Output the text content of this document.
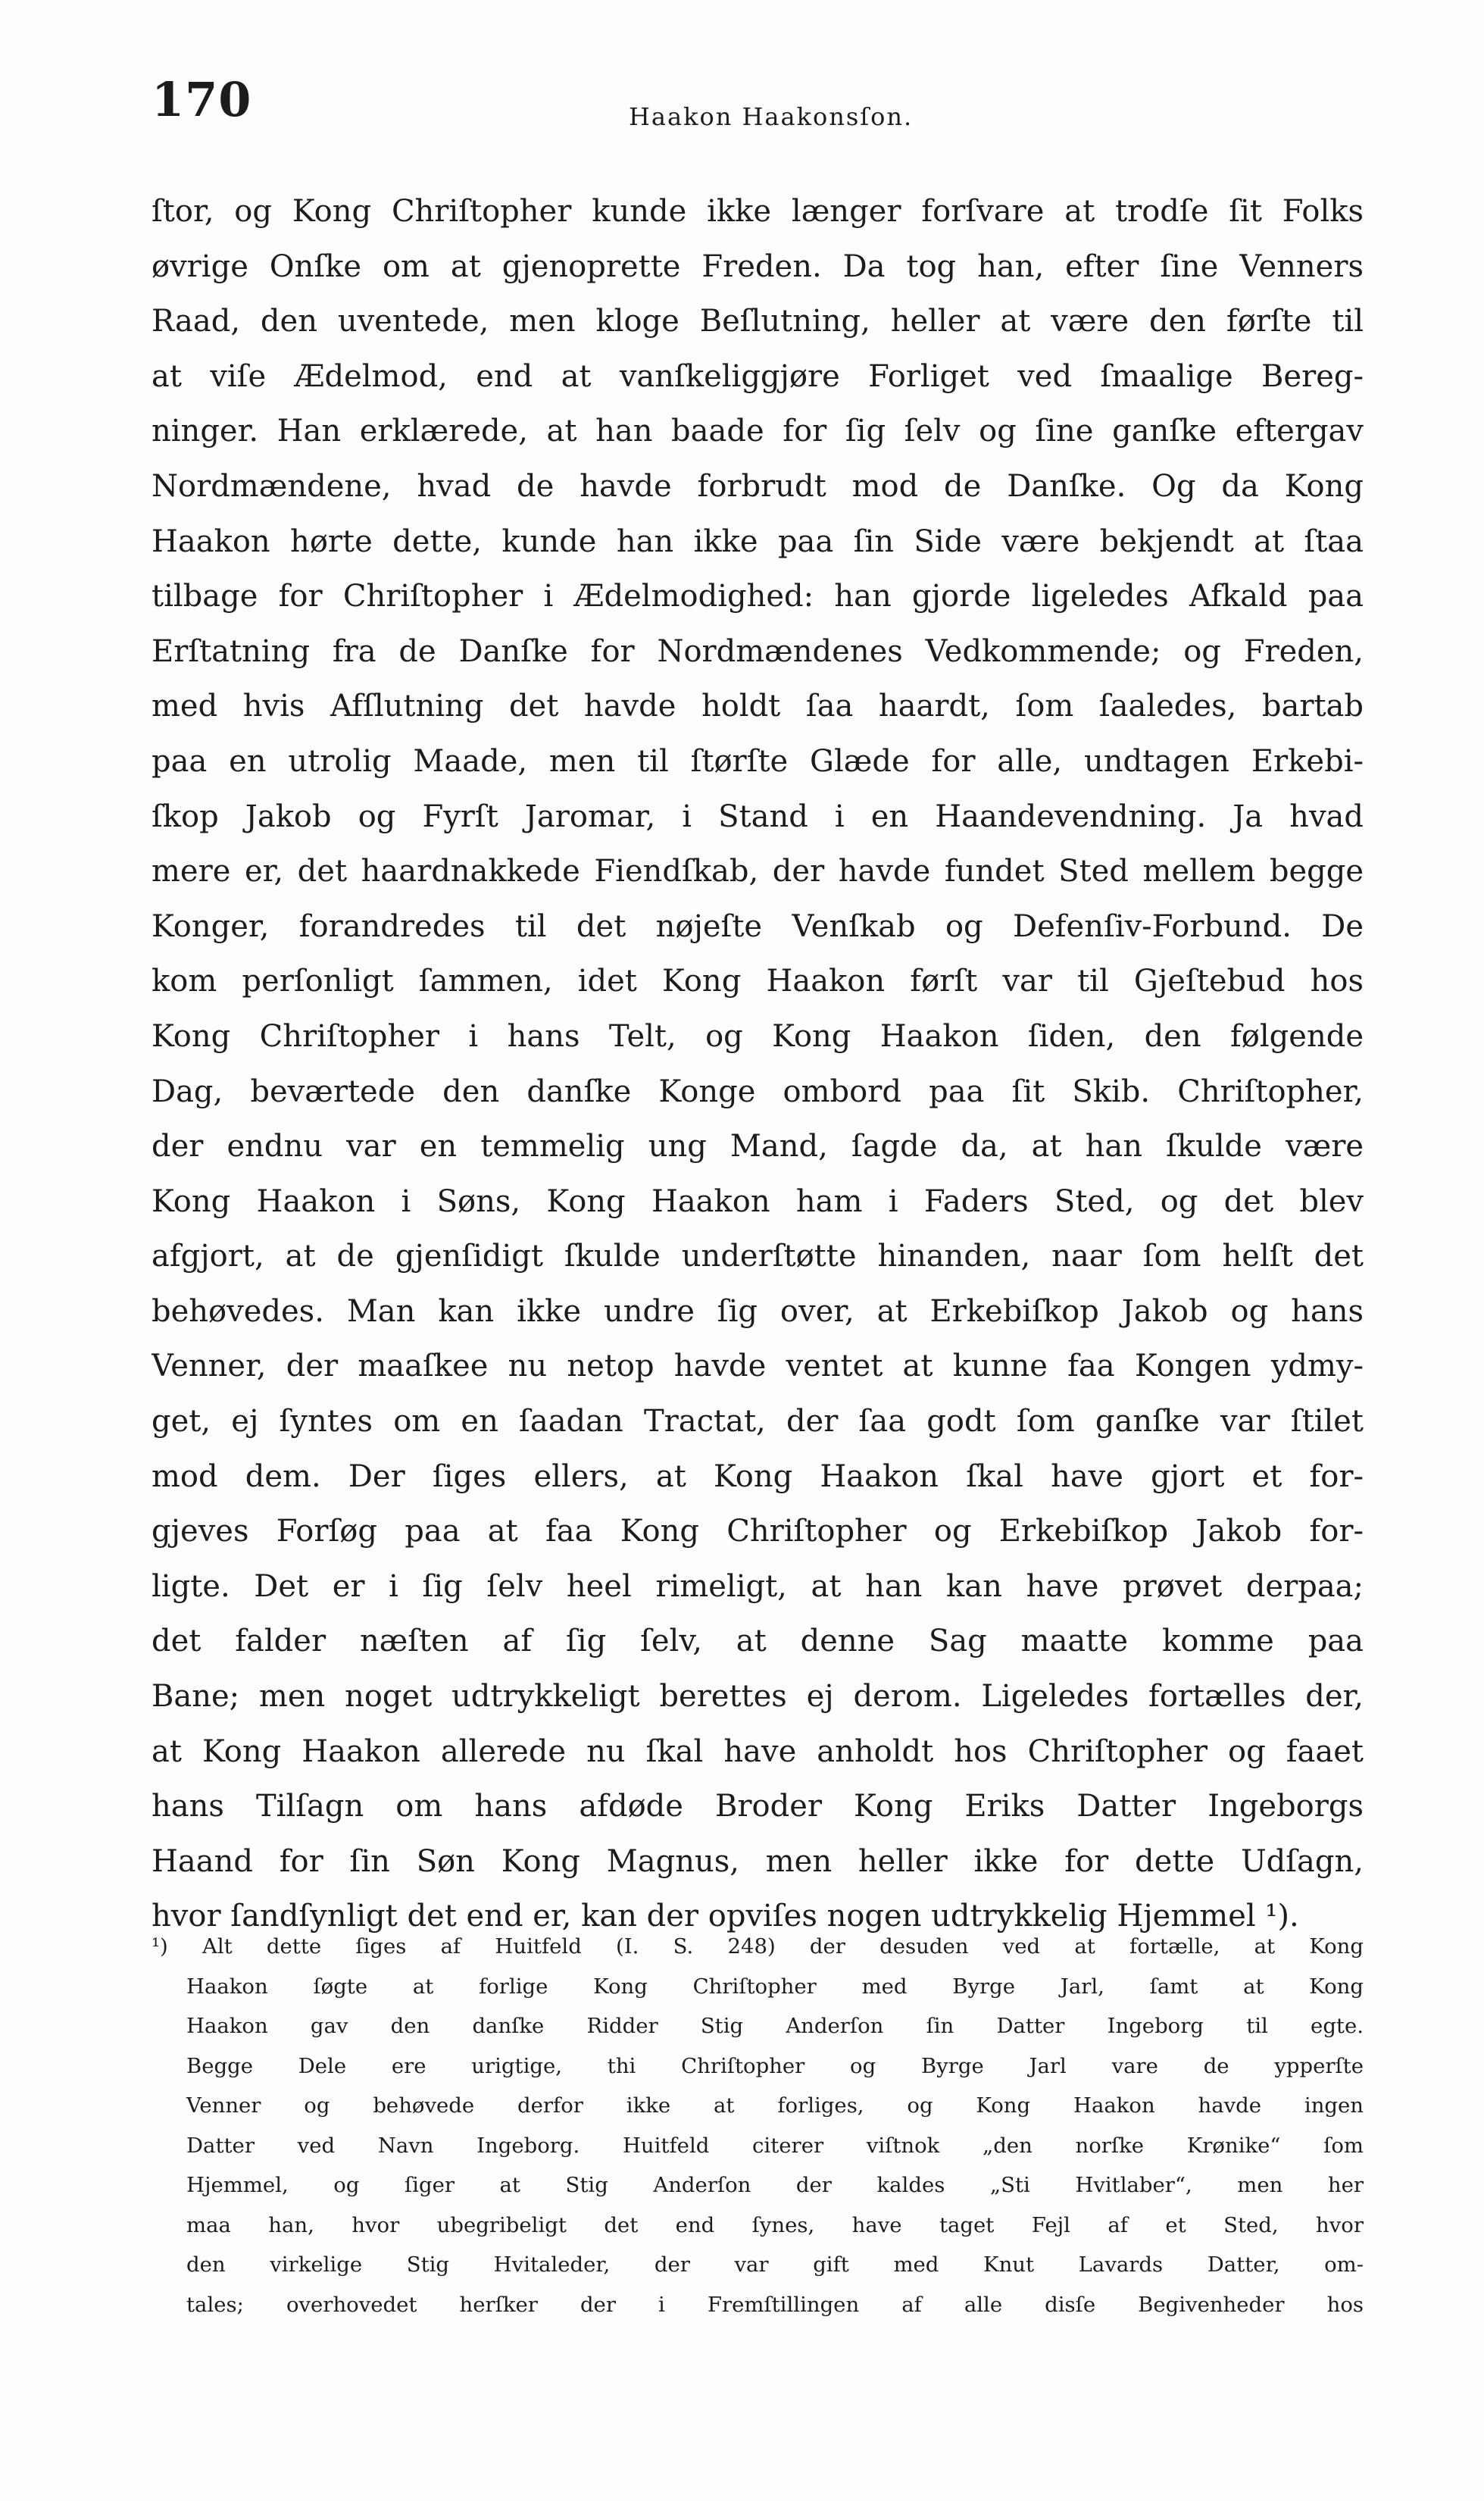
170	Haakon Haakonsſon.
ſtor, og Kong Chriſtopher kunde ikke længer forſvare at trodſe ſit Folks
øvrige Onſke om at gjenoprette Freden. Da tog han, efter ſine Venners
Raad, den uventede, men kloge Beſlutning, heller at være den førſte til
at viſe Ædelmod, end at vanſkeliggjøre Forliget ved ſmaalige Bereg-
ninger. Han erklærede, at han baade for ſig ſelv og ſine ganſke eftergav
Nordmændene, hvad de havde forbrudt mod de Danſke. Og da Kong
Haakon hørte dette, kunde han ikke paa ſin Side være bekjendt at ſtaa
tilbage for Chriſtopher i Ædelmodighed: han gjorde ligeledes Afkald paa
Erſtatning fra de Danſke for Nordmændenes Vedkommende; og Freden,
med hvis Afſlutning det havde holdt ſaa haardt, ſom ſaaledes, bartab
paa en utrolig Maade, men til ſtørſte Glæde for alle, undtagen Erkebi-
ſkop Jakob og Fyrſt Jaromar, i Stand i en Haandevendning. Ja hvad
mere er, det haardnakkede Fiendſkab, der havde fundet Sted mellem begge
Konger, forandredes til det nøjeſte Venſkab og Defenſiv-Forbund. De
kom perſonligt ſammen, idet Kong Haakon førſt var til Gjeſtebud hos
Kong Chriſtopher i hans Telt, og Kong Haakon ſiden, den følgende
Dag, beværtede den danſke Konge ombord paa ſit Skib. Chriſtopher,
der endnu var en temmelig ung Mand, ſagde da, at han ſkulde være
Kong Haakon i Søns, Kong Haakon ham i Faders Sted, og det blev
afgjort, at de gjenſidigt ſkulde underſtøtte hinanden, naar ſom helſt det
behøvedes. Man kan ikke undre ſig over, at Erkebiſkop Jakob og hans
Venner, der maaſkee nu netop havde ventet at kunne faa Kongen ydmy-
get, ej ſyntes om en ſaadan Tractat, der ſaa godt ſom ganſke var ſtilet
mod dem. Der ſiges ellers, at Kong Haakon ſkal have gjort et for-
gjeves Forſøg paa at faa Kong Chriſtopher og Erkebiſkop Jakob for-
ligte. Det er i ſig ſelv heel rimeligt, at han kan have prøvet derpaa;
det falder næſten af ſig ſelv, at denne Sag maatte komme paa
Bane; men noget udtrykkeligt berettes ej derom. Ligeledes fortælles der,
at Kong Haakon allerede nu ſkal have anholdt hos Chriſtopher og faaet
hans Tilſagn om hans afdøde Broder Kong Eriks Datter Ingeborgs
Haand for ſin Søn Kong Magnus, men heller ikke for dette Udſagn,
hvor ſandſynligt det end er, kan der opviſes nogen udtrykkelig Hjemmel ¹).
¹) Alt dette ſiges af Huitfeld (I. S. 248) der desuden ved at fortælle, at Kong
Haakon ſøgte at forlige Kong Chriſtopher med Byrge Jarl, ſamt at Kong
Haakon gav den danſke Ridder Stig Anderſon ſin Datter Ingeborg til egte.
Begge Dele ere urigtige, thi Chriſtopher og Byrge Jarl vare de ypperſte
Venner og behøvede derfor ikke at forliges, og Kong Haakon havde ingen
Datter ved Navn Ingeborg. Huitfeld citerer viſtnok „den norſke Krønike“ ſom
Hjemmel, og ſiger at Stig Anderſon der kaldes „Sti Hvitlaber“, men her
maa han, hvor ubegribeligt det end ſynes, have taget Fejl af et Sted, hvor
den virkelige Stig Hvitaleder, der var gift med Knut Lavards Datter, om-
tales; overhovedet herſker der i Fremſtillingen af alle disſe Begivenheder hos
